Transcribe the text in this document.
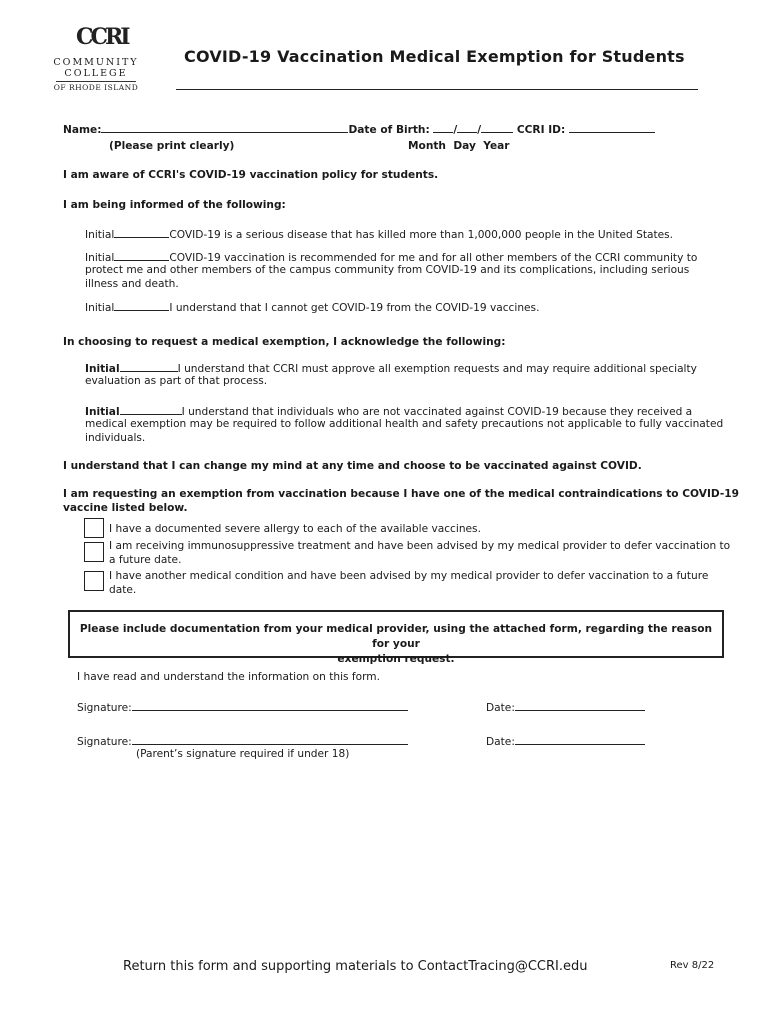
CCRI
COMMUNITY
COLLEGE
OF RHODE ISLAND
COVID-19 Vaccination Medical Exemption for Students
Name:	Date of Birth: / /	CCRI ID:
(Please print clearly)	Month  Day  Year
I am aware of CCRI's COVID-19 vaccination policy for students.
I am being informed of the following:
Initial	COVID-19 is a serious disease that has killed more than 1,000,000 people in the United States.
Initial	COVID-19 vaccination is recommended for me and for all other members of the CCRI community to
protect me and other members of the campus community from COVID-19 and its complications, including serious
illness and death.
Initial	I understand that I cannot get COVID-19 from the COVID-19 vaccines.
In choosing to request a medical exemption, I acknowledge the following:
Initial	I understand that CCRI must approve all exemption requests and may require additional specialty
evaluation as part of that process.
Initial	I understand that individuals who are not vaccinated against COVID-19 because they received a
medical exemption may be required to follow additional health and safety precautions not applicable to fully vaccinated
individuals.
I understand that I can change my mind at any time and choose to be vaccinated against COVID.
I am requesting an exemption from vaccination because I have one of the medical contraindications to COVID-19
vaccine listed below.
I have a documented severe allergy to each of the available vaccines.
I am receiving immunosuppressive treatment and have been advised by my medical provider to defer vaccination to
a future date.
I have another medical condition and have been advised by my medical provider to defer vaccination to a future
date.
Please include documentation from your medical provider, using the attached form, regarding the reason for your
exemption request.
I have read and understand the information on this form.
Signature:	Date:
Signature:	Date:
(Parent’s signature required if under 18)
Return this form and supporting materials to ContactTracing@CCRI.edu	Rev 8/22
